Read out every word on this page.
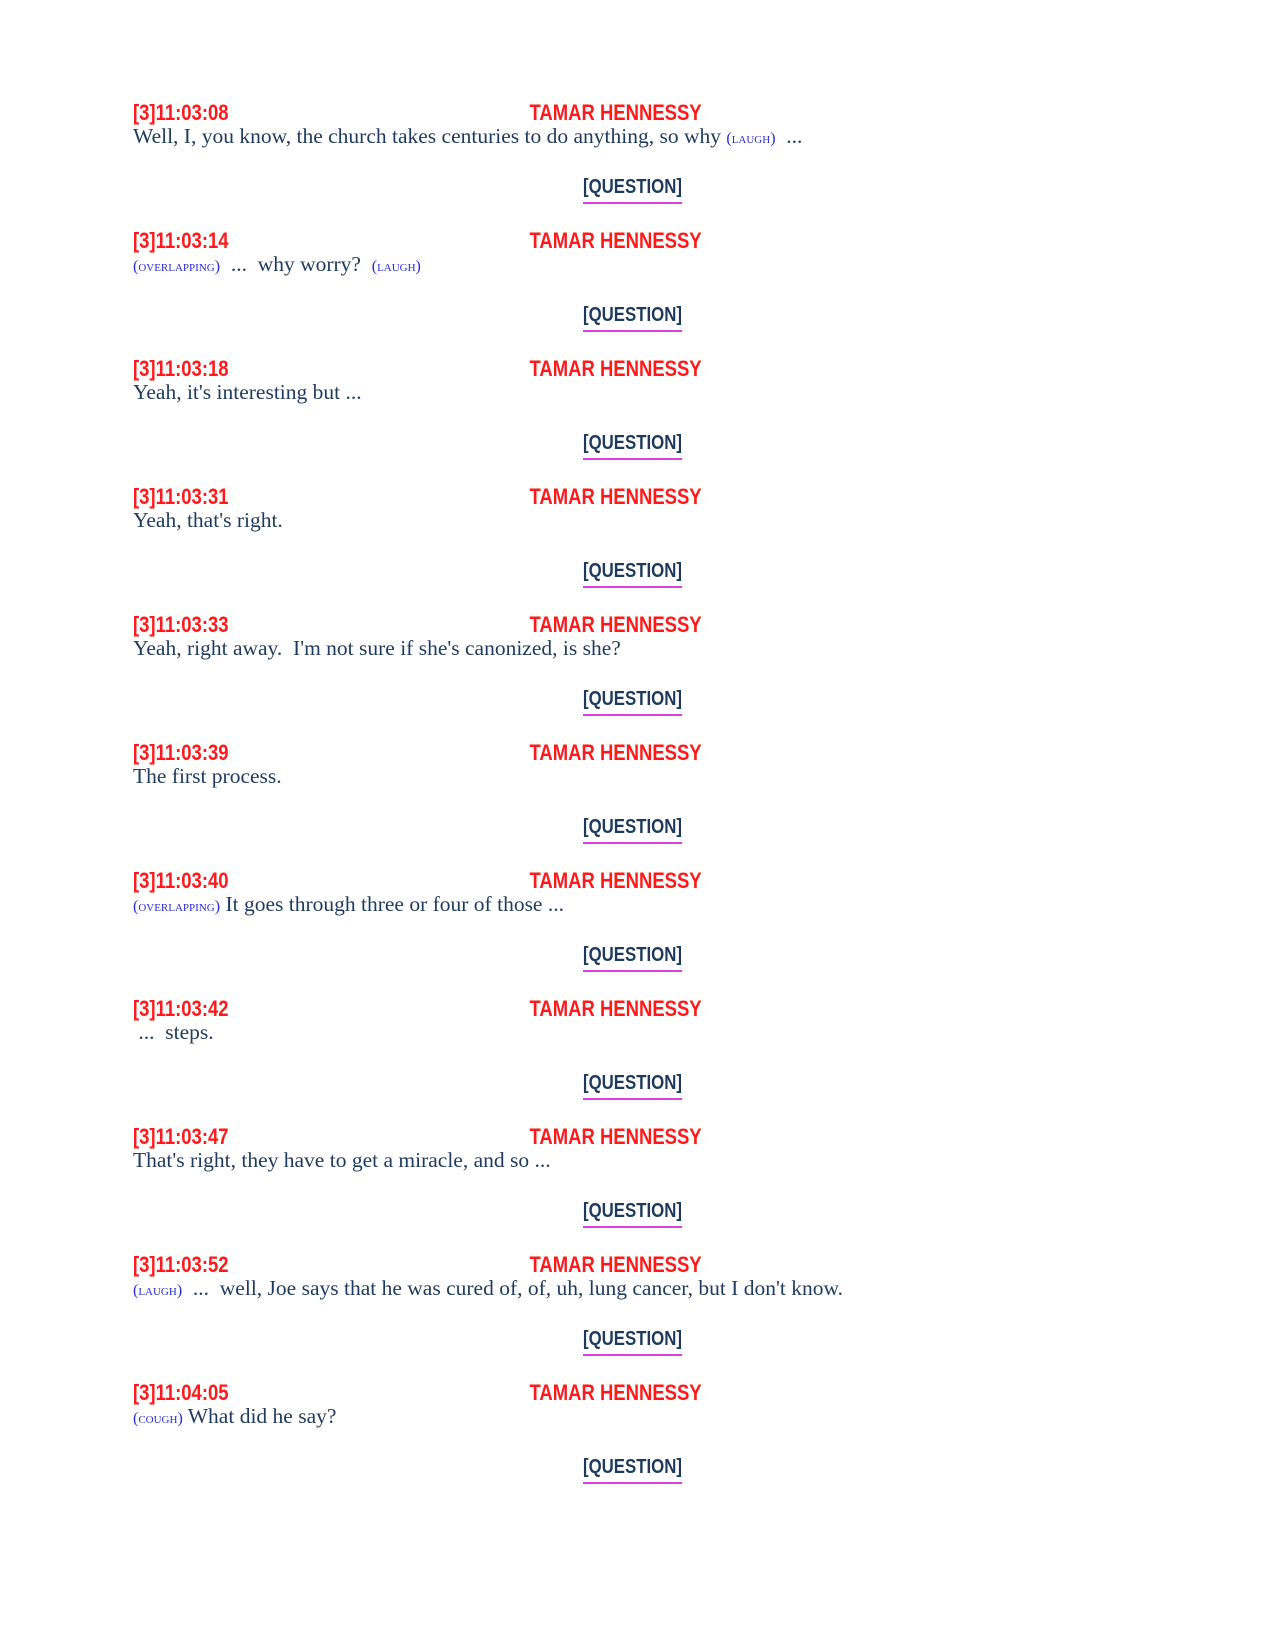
[3]11:03:08	TAMAR HENNESSY
Well, I, you know, the church takes centuries to do anything, so why (laugh)  ...
[QUESTION]
[3]11:03:14	TAMAR HENNESSY
(overlapping)  ...  why worry?  (laugh)
[QUESTION]
[3]11:03:18	TAMAR HENNESSY
Yeah, it's interesting but ...
[QUESTION]
[3]11:03:31	TAMAR HENNESSY
Yeah, that's right.
[QUESTION]
[3]11:03:33	TAMAR HENNESSY
Yeah, right away.  I'm not sure if she's canonized, is she?
[QUESTION]
[3]11:03:39	TAMAR HENNESSY
The first process.
[QUESTION]
[3]11:03:40	TAMAR HENNESSY
(overlapping) It goes through three or four of those ...
[QUESTION]
[3]11:03:42	TAMAR HENNESSY
...  steps.
[QUESTION]
[3]11:03:47	TAMAR HENNESSY
That's right, they have to get a miracle, and so ...
[QUESTION]
[3]11:03:52	TAMAR HENNESSY
(laugh)  ...  well, Joe says that he was cured of, of, uh, lung cancer, but I don't know.
[QUESTION]
[3]11:04:05	TAMAR HENNESSY
(cough) What did he say?
[QUESTION]
